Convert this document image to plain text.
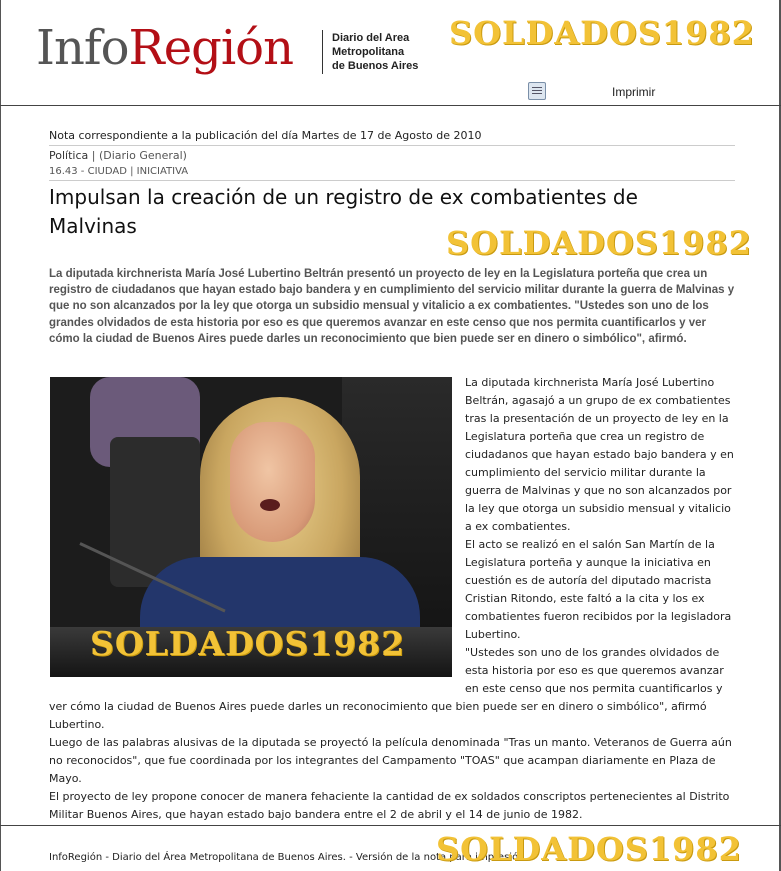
InfoRegión	Diario del Area
Metropolitana
de Buenos Aires
SOLDADOS1982
Imprimir
Nota correspondiente a la publicación del día Martes de 17 de Agosto de 2010
Política | (Diario General)
16.43 - CIUDAD | INICIATIVA
Impulsan la creación de un registro de ex combatientes de Malvinas	SOLDADOS1982
La diputada kirchnerista María José Lubertino Beltrán presentó un proyecto de ley en la Legislatura porteña que crea un registro de ciudadanos que hayan estado bajo bandera y en cumplimiento del servicio militar durante la guerra de Malvinas y que no son alcanzados por la ley que otorga un subsidio mensual y vitalicio a ex combatientes. "Ustedes son uno de los grandes olvidados de esta historia por eso es que queremos avanzar en este censo que nos permita cuantificarlos y ver cómo la ciudad de Buenos Aires puede darles un reconocimiento que bien puede ser en dinero o simbólico", afirmó.
SOLDADOS1982

La diputada kirchnerista María José Lubertino Beltrán, agasajó a un grupo de ex combatientes tras la presentación de un proyecto de ley en la Legislatura porteña que crea un registro de ciudadanos que hayan estado bajo bandera y en cumplimiento del servicio militar durante la guerra de Malvinas y que no son alcanzados por la ley que otorga un subsidio mensual y vitalicio a ex combatientes.

El acto se realizó en el salón San Martín de la Legislatura porteña y aunque la iniciativa en cuestión es de autoría del diputado macrista Cristian Ritondo, este faltó a la cita y los ex combatientes fueron recibidos por la legisladora Lubertino.

"Ustedes son uno de los grandes olvidados de esta historia por eso es que queremos avanzar en este censo que nos permita cuantificarlos y ver cómo la ciudad de Buenos Aires puede darles un reconocimiento que bien puede ser en dinero o simbólico", afirmó Lubertino.

Luego de las palabras alusivas de la diputada se proyectó la película denominada "Tras un manto. Veteranos de Guerra aún no reconocidos", que fue coordinada por los integrantes del Campamento "TOAS" que acampan diariamente en Plaza de Mayo.

El proyecto de ley propone conocer de manera fehaciente la cantidad de ex soldados conscriptos pertenecientes al Distrito Militar Buenos Aires, que hayan estado bajo bandera entre el 2 de abril y el 14 de junio de 1982.

InfoRegión - Diario del Área Metropolitana de Buenos Aires. - Versión de la nota para impresión
SOLDADOS1982
